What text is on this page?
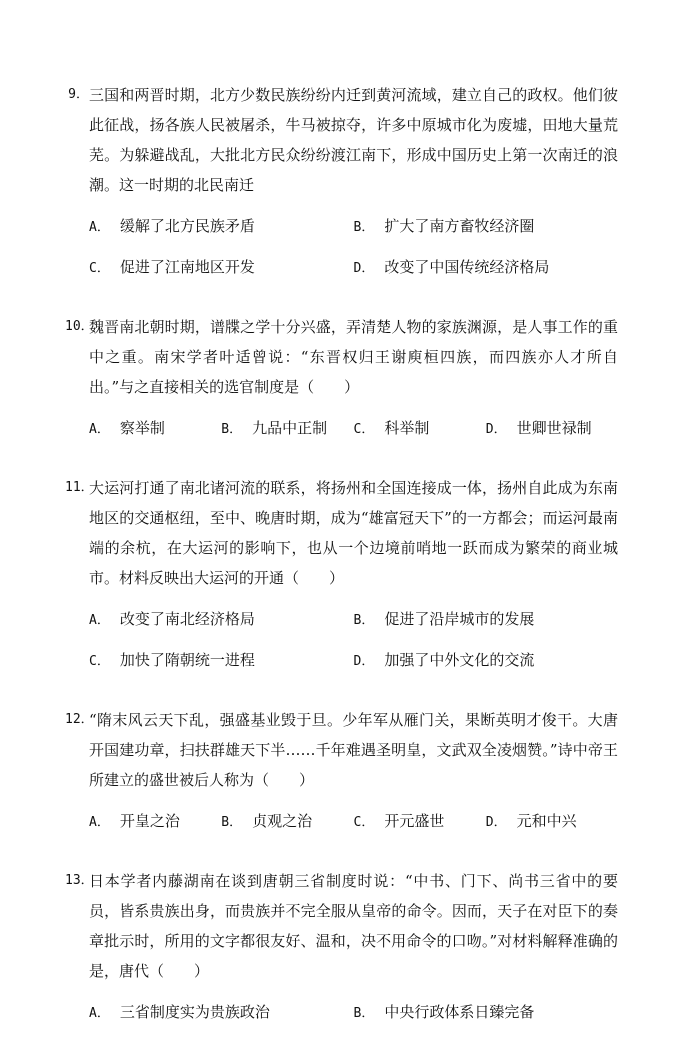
9． 三国和两晋时期，北方少数民族纷纷内迁到黄河流域，建立自己的政权。他们彼此征战，扬各族人民被屠杀，牛马被掠夺，许多中原城市化为废墟，田地大量荒芜。为躲避战乱，大批北方民众纷纷渡江南下，形成中国历史上第一次南迁的浪潮。这一时期的北民南迁
A． 缓解了北方民族矛盾	B． 扩大了南方畜牧经济圈
C． 促进了江南地区开发	D． 改变了中国传统经济格局
10．
魏晋南北朝时期，谱牒之学十分兴盛，弄清楚人物的家族渊源，是人事工作的重中之重。南宋学者叶适曾说：“东晋权归王谢庾桓四族，而四族亦人才所自出。”与之直接相关的选官制度是（　　）
A． 察举制	B． 九品中正制	C． 科举制	D． 世卿世禄制
11．
大运河打通了南北诸河流的联系，将扬州和全国连接成一体，扬州自此成为东南地区的交通枢纽，至中、晚唐时期，成为“雄富冠天下”的一方都会；而运河最南端的余杭，在大运河的影响下，也从一个边境前哨地一跃而成为繁荣的商业城市。材料反映出大运河的开通（　　）
A． 改变了南北经济格局	B． 促进了沿岸城市的发展
C． 加快了隋朝统一进程	D． 加强了中外文化的交流
12．
“隋末风云天下乱，强盛基业毁于旦。少年军从雁门关，果断英明才俊干。大唐开国建功章，扫扶群雄天下半……千年难遇圣明皇，文武双全凌烟赞。”诗中帝王所建立的盛世被后人称为（　　）
A． 开皇之治	B． 贞观之治	C． 开元盛世	D． 元和中兴
13．
日本学者内藤湖南在谈到唐朝三省制度时说：“中书、门下、尚书三省中的要员，皆系贵族出身，而贵族并不完全服从皇帝的命令。因而，天子在对臣下的奏章批示时，所用的文字都很友好、温和，决不用命令的口吻。”对材料解释准确的是，唐代（　　）
A． 三省制度实为贵族政治	B． 中央行政体系日臻完备
